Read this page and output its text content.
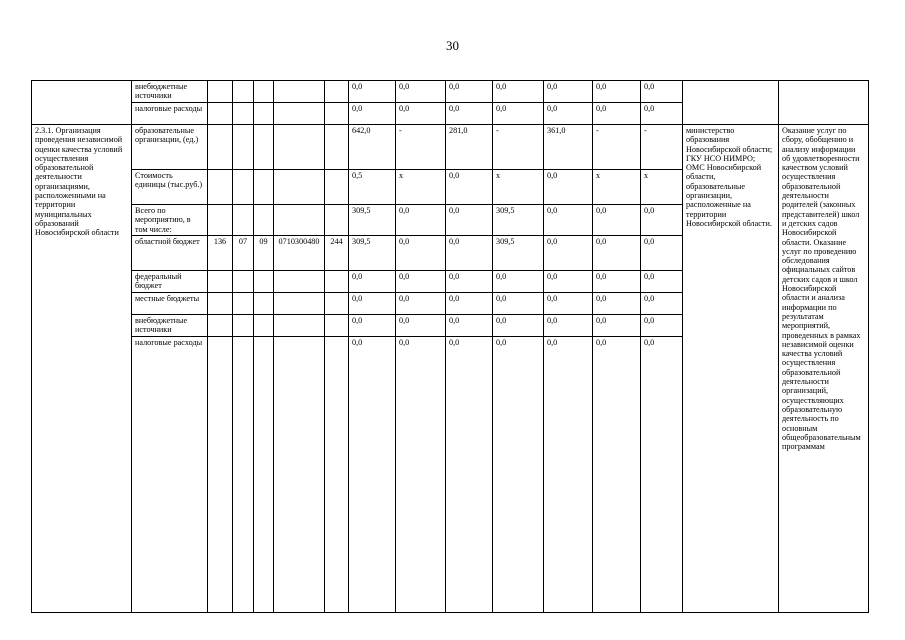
30
	внебюджетные источники						0,0	0,0	0,0	0,0	0,0	0,0	0,0		
	налоговые расходы						0,0	0,0	0,0	0,0	0,0	0,0	0,0		
2.3.1. Организация проведения независимой оценки качества условий осуществления образовательной деятельности организациями, расположенными на территории муниципальных образований Новосибирской области	образовательные организации, (ед.)						642,0	-	281,0	-	361,0	-	-	министерство образования Новосибирской области; ГКУ НСО НИМРО; ОМС Новосибирской области, образовательные организации, расположенные на территории Новосибирской области.	Оказание услуг по сбору, обобщению и анализу информации об удовлетворенности качеством условий осуществления образовательной деятельности родителей (законных представителей) школ и детских садов Новосибирской области. Оказание услуг по проведению обследования официальных сайтов детских садов и школ Новосибирской области и анализа информации по результатам мероприятий, проведенных в рамках независимой оценки качества условий осуществления образовательной деятельности организаций, осуществляющих образовательную деятельность по основным общеобразовательным программам
	Стоимость единицы (тыс.руб.)						0,5	x	0,0	x	0,0	x	x		
	Всего по мероприятию, в том числе:						309,5	0,0	0,0	309,5	0,0	0,0	0,0		
	областной бюджет	136	07	09	0710300480	244	309,5	0,0	0,0	309,5	0,0	0,0	0,0		
	федеральный бюджет						0,0	0,0	0,0	0,0	0,0	0,0	0,0		
	местные бюджеты						0,0	0,0	0,0	0,0	0,0	0,0	0,0		
	внебюджетные источники						0,0	0,0	0,0	0,0	0,0	0,0	0,0		
	налоговые расходы						0,0	0,0	0,0	0,0	0,0	0,0	0,0		
